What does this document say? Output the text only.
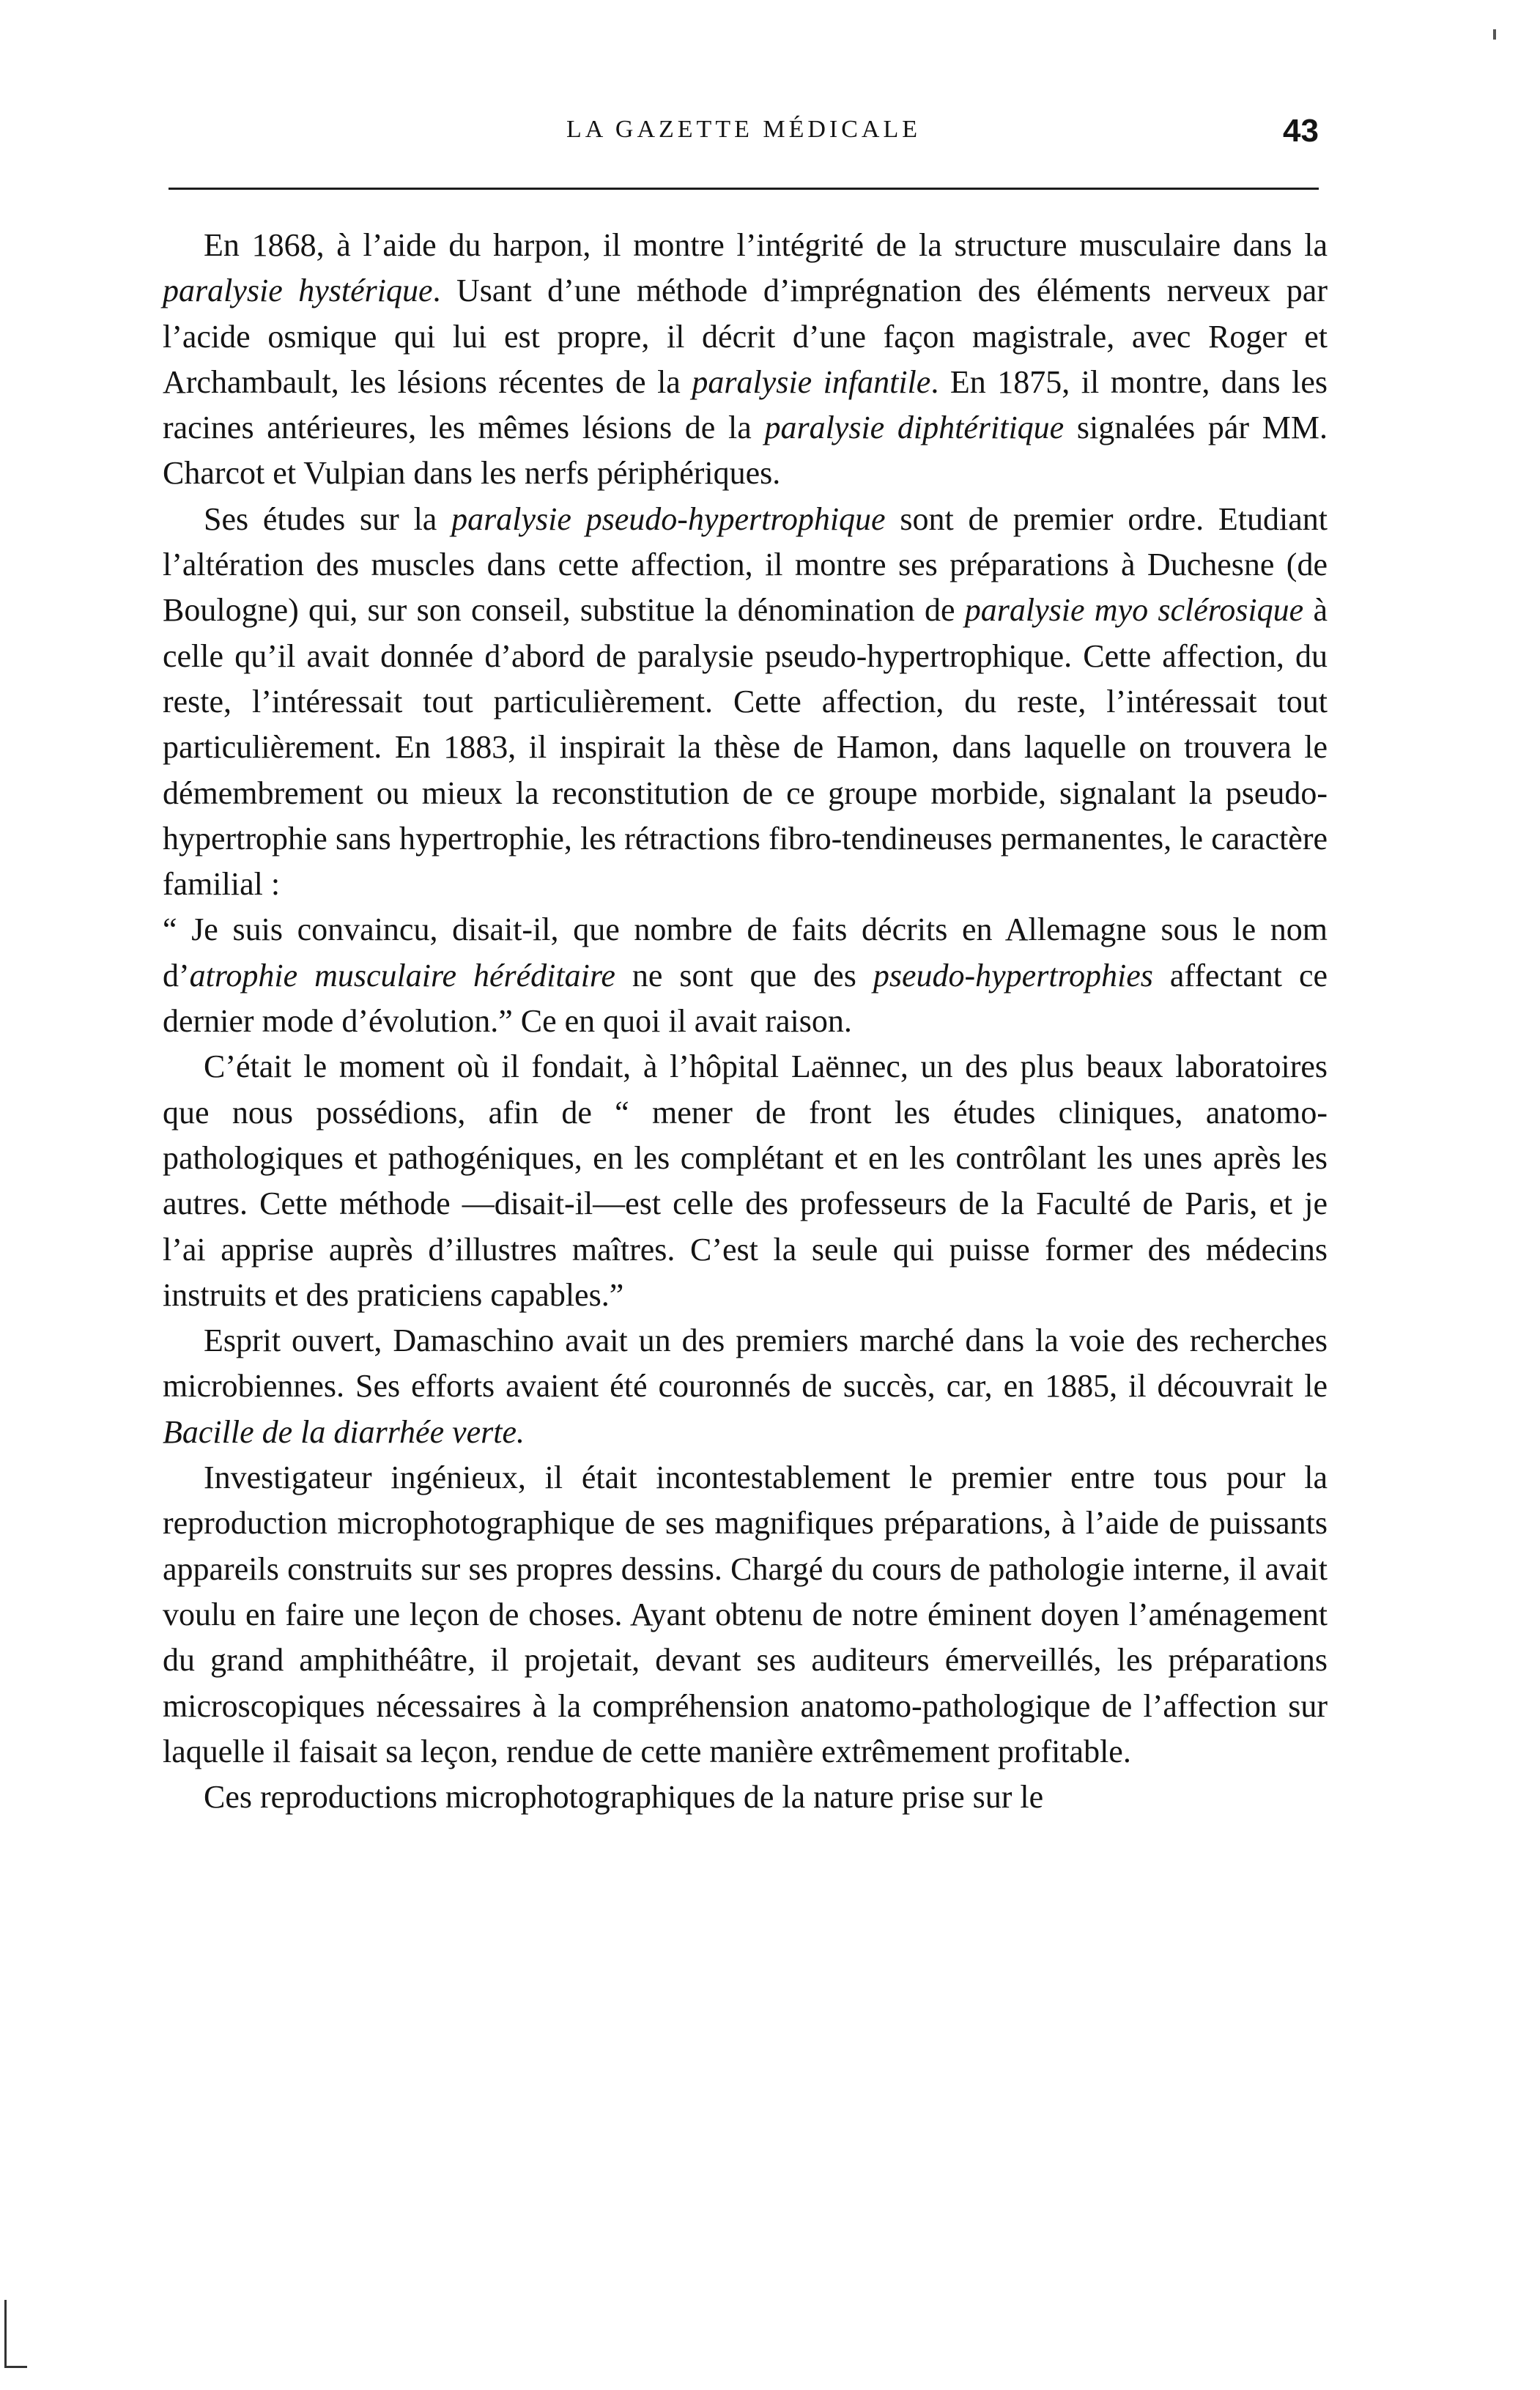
LA GAZETTE MÉDICALE	43

En 1868, à l’aide du harpon, il montre l’intégrité de la structure musculaire dans la paralysie hystérique. Usant d’une méthode d’imprégnation des éléments nerveux par l’acide osmique qui lui est propre, il décrit d’une façon magistrale, avec Roger et Archambault, les lésions récentes de la paralysie infantile. En 1875, il montre, dans les racines antérieures, les mêmes lésions de la paralysie diphtéritique signalées pár MM. Charcot et Vulpian dans les nerfs périphériques.

Ses études sur la paralysie pseudo-hypertrophique sont de premier ordre. Etudiant l’altération des muscles dans cette affection, il montre ses préparations à Duchesne (de Boulogne) qui, sur son conseil, substitue la dénomination de paralysie myo sclérosique à celle qu’il avait donnée d’abord de paralysie pseudo-hypertrophique. Cette affection, du reste, l’intéressait tout particulièrement. Cette affection, du reste, l’intéressait tout particulièrement. En 1883, il inspirait la thèse de Hamon, dans laquelle on trouvera le démembrement ou mieux la reconstitution de ce groupe morbide, signalant la pseudo-hypertrophie sans hypertrophie, les rétractions fibro-tendineuses permanentes, le caractère familial :

“ Je suis convaincu, disait-il, que nombre de faits décrits en Allemagne sous le nom d’atrophie musculaire héréditaire ne sont que des pseudo-hypertrophies affectant ce dernier mode d’évolution.” Ce en quoi il avait raison.

C’était le moment où il fondait, à l’hôpital Laënnec, un des plus beaux laboratoires que nous possédions, afin de “ mener de front les études cliniques, anatomo-pathologiques et pathogéniques, en les complétant et en les contrôlant les unes après les autres. Cette méthode —disait-il—est celle des professeurs de la Faculté de Paris, et je l’ai apprise auprès d’illustres maîtres. C’est la seule qui puisse former des médecins instruits et des praticiens capables.”

Esprit ouvert, Damaschino avait un des premiers marché dans la voie des recherches microbiennes. Ses efforts avaient été couronnés de succès, car, en 1885, il découvrait le Bacille de la diarrhée verte.

Investigateur ingénieux, il était incontestablement le premier entre tous pour la reproduction microphotographique de ses magnifiques préparations, à l’aide de puissants appareils construits sur ses propres dessins. Chargé du cours de pathologie interne, il avait voulu en faire une leçon de choses. Ayant obtenu de notre éminent doyen l’aménagement du grand amphithéâtre, il projetait, devant ses auditeurs émerveillés, les préparations microscopiques nécessaires à la compréhension anatomo-pathologique de l’affection sur laquelle il faisait sa leçon, rendue de cette manière extrêmement profitable.

Ces reproductions microphotographiques de la nature prise sur le
